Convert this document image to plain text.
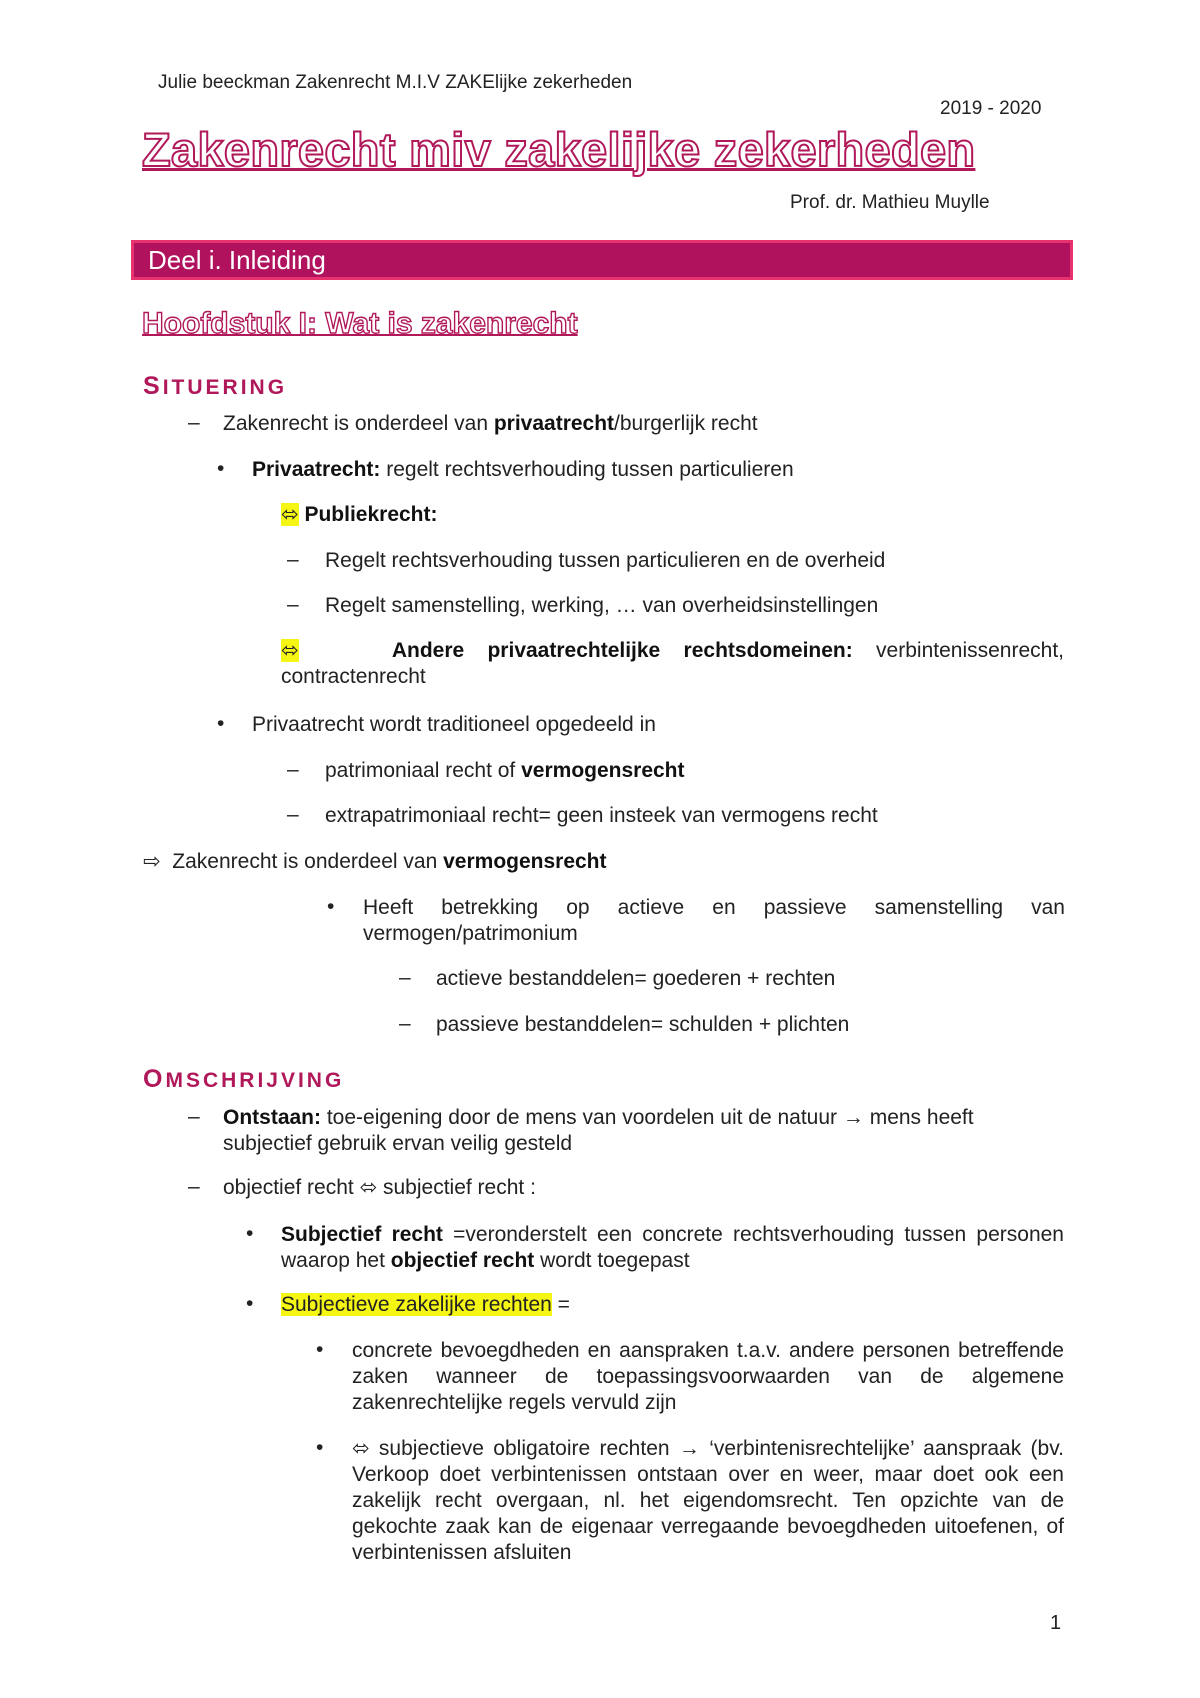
Julie beeckman Zakenrecht M.I.V ZAKElijke zekerheden
2019 - 2020
Zakenrecht miv zakelijke zekerheden
Prof. dr. Mathieu Muylle
Deel i. Inleiding
Hoofdstuk I: Wat is zakenrecht
SITUERING
– Zakenrecht is onderdeel van privaatrecht/burgerlijk recht
• Privaatrecht: regelt rechtsverhouding tussen particulieren
⬄ Publiekrecht:
– Regelt rechtsverhouding tussen particulieren en de overheid
– Regelt samenstelling, werking, … van overheidsinstellingen
⬄	Andere privaatrechtelijke rechtsdomeinen: verbintenissenrecht, contractenrecht
• Privaatrecht wordt traditioneel opgedeeld in
– patrimoniaal recht of vermogensrecht
– extrapatrimoniaal recht= geen insteek van vermogens recht
⇨ Zakenrecht is onderdeel van vermogensrecht
• Heeft betrekking op actieve en passieve samenstelling van vermogen/patrimonium
– actieve bestanddelen= goederen + rechten
– passieve bestanddelen= schulden + plichten
OMSCHRIJVING
– Ontstaan: toe-eigening door de mens van voordelen uit de natuur → mens heeft subjectief gebruik ervan veilig gesteld
– objectief recht ⬄ subjectief recht :
• Subjectief recht =veronderstelt een concrete rechtsverhouding tussen personen waarop het objectief recht wordt toegepast
• Subjectieve zakelijke rechten =
• concrete bevoegdheden en aanspraken t.a.v. andere personen betreffende zaken wanneer de toepassingsvoorwaarden van de algemene zakenrechtelijke regels vervuld zijn
• ⬄ subjectieve obligatoire rechten → ‘verbintenisrechtelijke’ aanspraak (bv. Verkoop doet verbintenissen ontstaan over en weer, maar doet ook een zakelijk recht overgaan, nl. het eigendomsrecht. Ten opzichte van de gekochte zaak kan de eigenaar verregaande bevoegdheden uitoefenen, of verbintenissen afsluiten
1
